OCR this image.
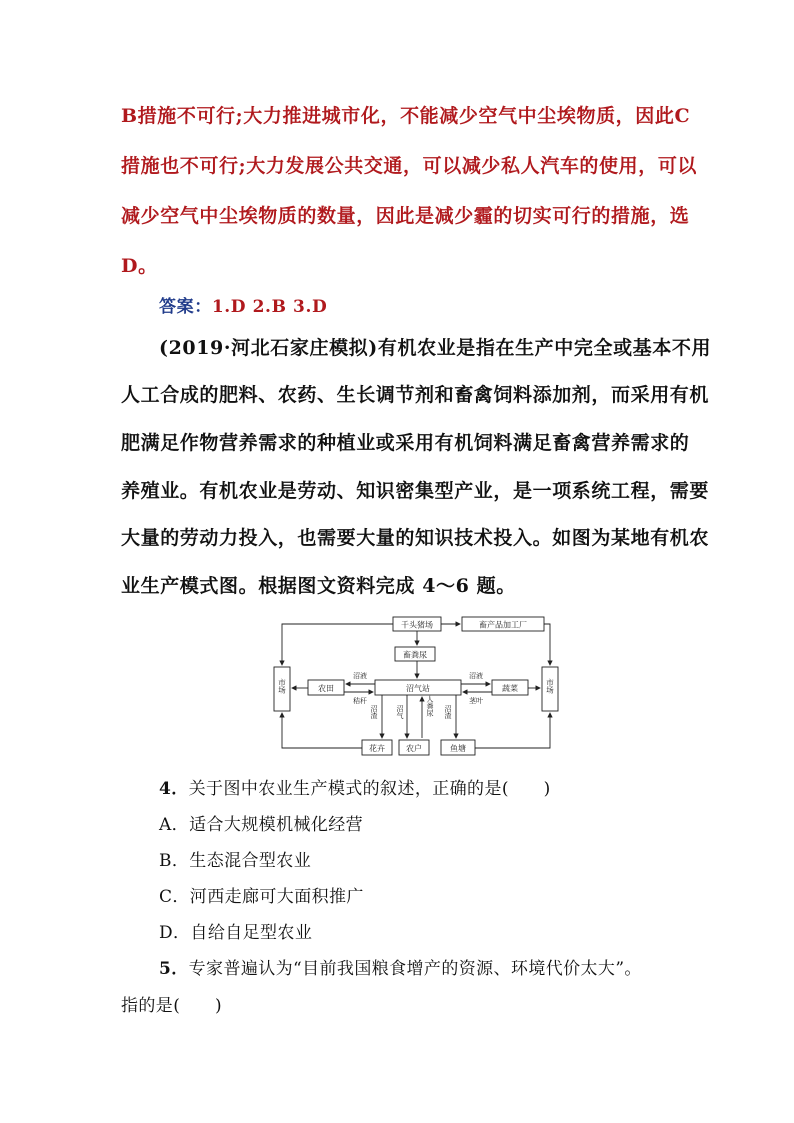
B措施不可行;大力推进城市化，不能减少空气中尘埃物质，因此C
措施也不可行;大力发展公共交通，可以减少私人汽车的使用，可以
减少空气中尘埃物质的数量，因此是减少霾的切实可行的措施，选
D。
答案：1.D 2.B 3.D
(2019·河北石家庄模拟)有机农业是指在生产中完全或基本不用
人工合成的肥料、农药、生长调节剂和畜禽饲料添加剂，而采用有机
肥满足作物营养需求的种植业或采用有机饲料满足畜禽营养需求的
养殖业。有机农业是劳动、知识密集型产业，是一项系统工程，需要
大量的劳动力投入，也需要大量的知识技术投入。如图为某地有机农
业生产模式图。根据图文资料完成 4～6 题。
千头猪场	畜产品加工厂
畜粪尿
沼气站
农田	蔬菜
花卉	农户	鱼塘
市场	市场
沼液
秸秆
沼液
茎叶
沼渣	沼气	人粪尿 沼渣
4．关于图中农业生产模式的叙述，正确的是(　　)
A．适合大规模机械化经营
B．生态混合型农业
C．河西走廊可大面积推广
D．自给自足型农业
5．专家普遍认为“目前我国粮食增产的资源、环境代价太大”。
指的是(　　)
